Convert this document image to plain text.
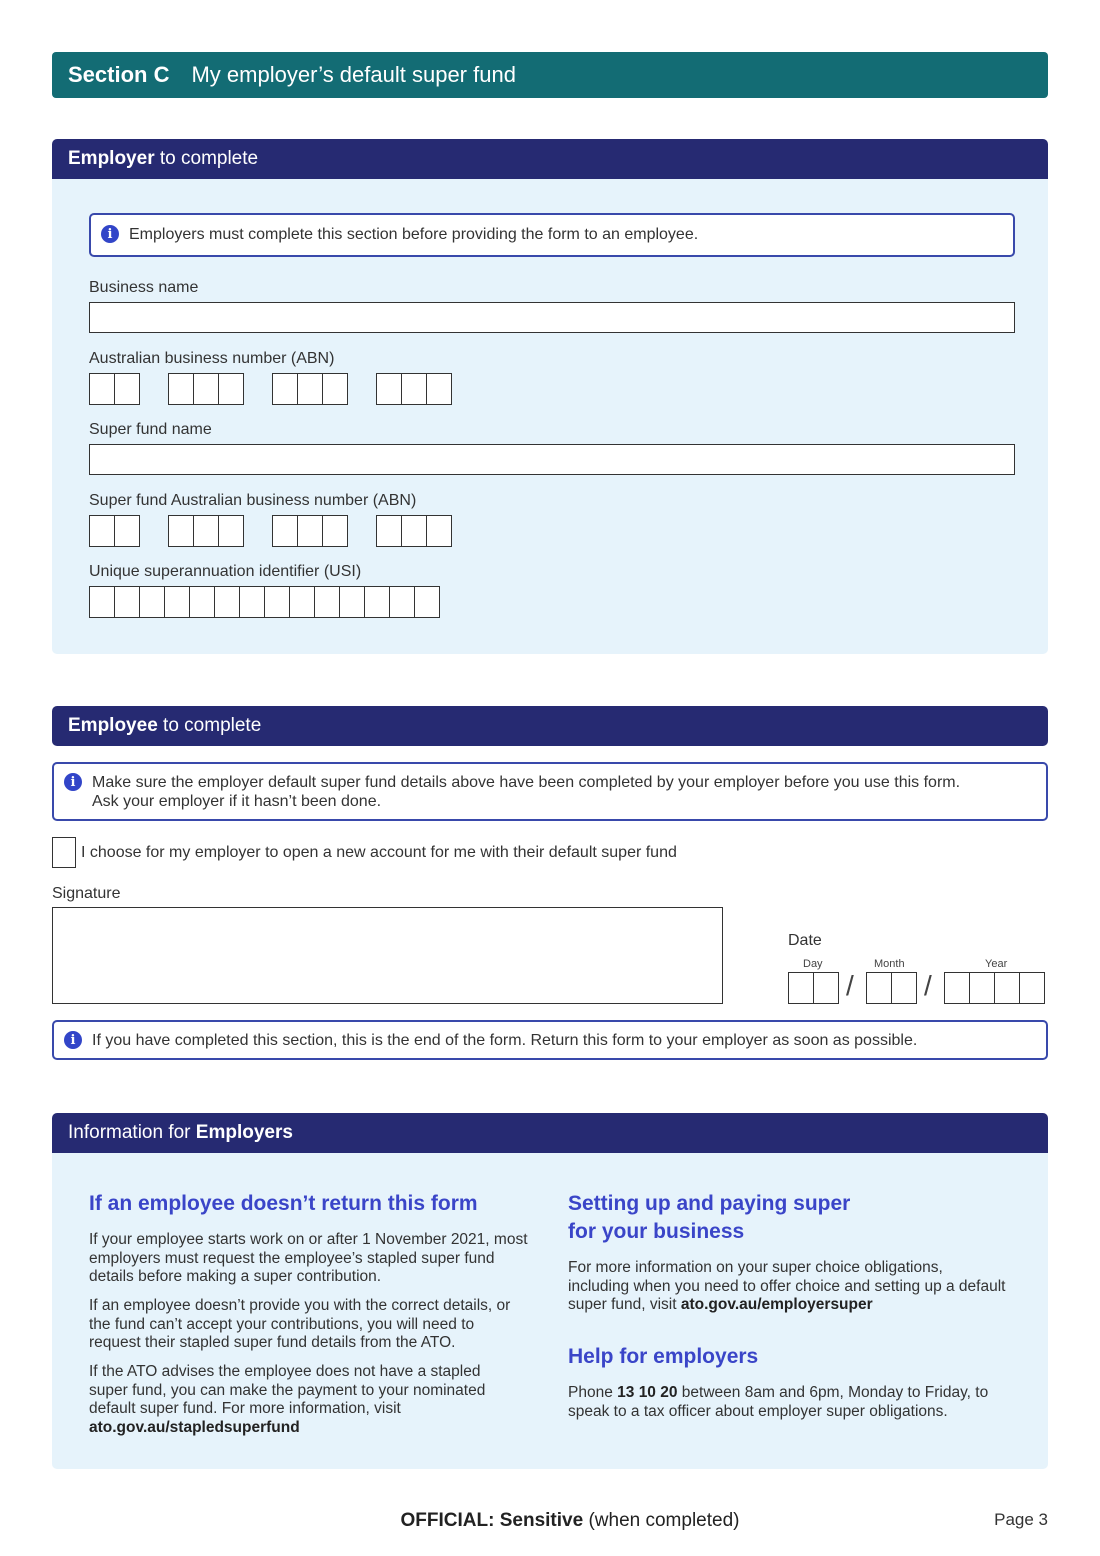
Section C My employer’s default super fund
Employer to complete
i	Employers must complete this section before providing the form to an employee.
Business name
Australian business number (ABN)
Super fund name
Super fund Australian business number (ABN)
Unique superannuation identifier (USI)
Employee to complete
i	Make sure the employer default super fund details above have been completed by your employer before you use this form.
Ask your employer if it hasn’t been done.
I choose for my employer to open a new account for me with their default super fund
Signature
Date
Day	Month	Year
/	/
i	If you have completed this section, this is the end of the form. Return this form to your employer as soon as possible.
Information for Employers
If an employee doesn’t return this form
If your employee starts work on or after 1 November 2021, most employers must request the employee’s stapled super fund details before making a super contribution.
If an employee doesn’t provide you with the correct details, or the fund can’t accept your contributions, you will need to request their stapled super fund details from the ATO.
If the ATO advises the employee does not have a stapled super fund, you can make the payment to your nominated default super fund. For more information, visit ato.gov.au/stapledsuperfund
Setting up and paying super
for your business
For more information on your super choice obligations, including when you need to offer choice and setting up a default super fund, visit ato.gov.au/employersuper
Help for employers
Phone 13 10 20 between 8am and 6pm, Monday to Friday, to speak to a tax officer about employer super obligations.
OFFICIAL: Sensitive (when completed)	Page 3
